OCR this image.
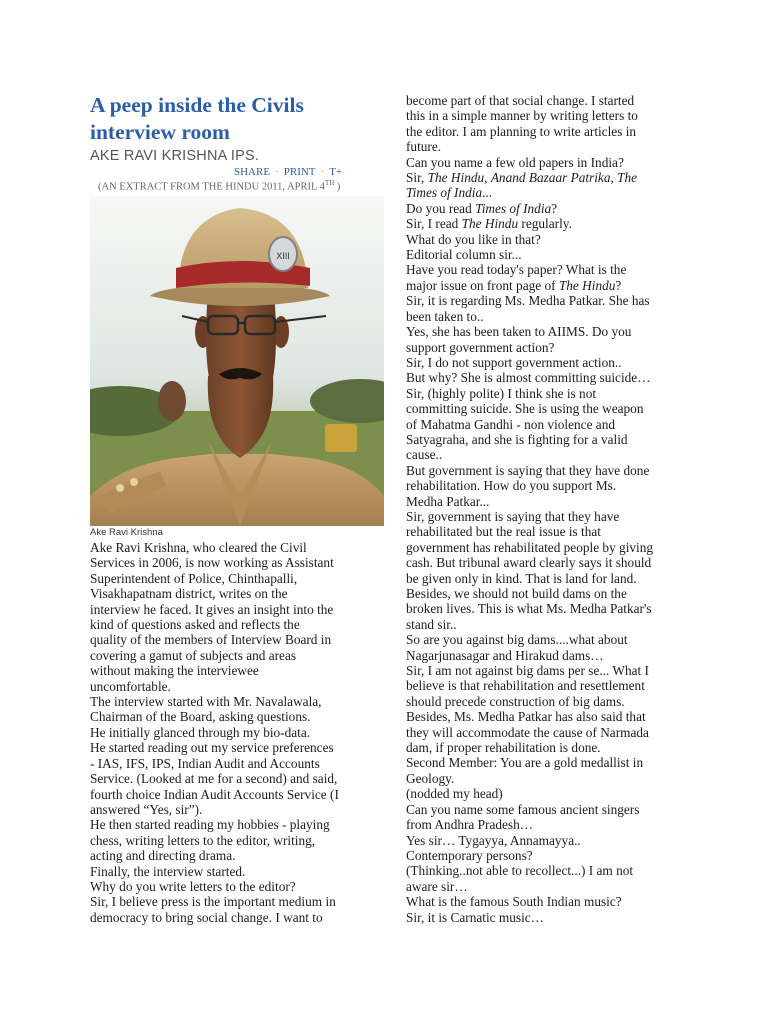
A peep inside the Civils interview room
AKE RAVI KRISHNA IPS.
SHARE · PRINT · T+
(AN EXTRACT FROM THE HINDU 2011, APRIL 4TH )
XIII
Ake Ravi Krishna
Ake Ravi Krishna, who cleared the Civil
Services in 2006, is now working as Assistant
Superintendent of Police, Chinthapalli,
Visakhapatnam district, writes on the
interview he faced. It gives an insight into the
kind of questions asked and reflects the
quality of the members of Interview Board in
covering a gamut of subjects and areas
without making the interviewee
uncomfortable.
The interview started with Mr. Navalawala,
Chairman of the Board, asking questions.
He initially glanced through my bio-data.
He started reading out my service preferences
- IAS, IFS, IPS, Indian Audit and Accounts
Service. (Looked at me for a second) and said,
fourth choice Indian Audit Accounts Service (I
answered “Yes, sir”).
He then started reading my hobbies - playing
chess, writing letters to the editor, writing,
acting and directing drama.
Finally, the interview started.
Why do you write letters to the editor?
Sir, I believe press is the important medium in
democracy to bring social change. I want to
become part of that social change. I started
this in a simple manner by writing letters to
the editor. I am planning to write articles in
future.
Can you name a few old papers in India?
Sir, The Hindu, Anand Bazaar Patrika, The
Times of India...
Do you read Times of India?
Sir, I read The Hindu regularly.
What do you like in that?
Editorial column sir...
Have you read today's paper? What is the
major issue on front page of The Hindu?
Sir, it is regarding Ms. Medha Patkar. She has
been taken to..
Yes, she has been taken to AIIMS. Do you
support government action?
Sir, I do not support government action..
But why? She is almost committing suicide…
Sir, (highly polite) I think she is not
committing suicide. She is using the weapon
of Mahatma Gandhi - non violence and
Satyagraha, and she is fighting for a valid
cause..
But government is saying that they have done
rehabilitation. How do you support Ms.
Medha Patkar...
Sir, government is saying that they have
rehabilitated but the real issue is that
government has rehabilitated people by giving
cash. But tribunal award clearly says it should
be given only in kind. That is land for land.
Besides, we should not build dams on the
broken lives. This is what Ms. Medha Patkar's
stand sir..
So are you against big dams....what about
Nagarjunasagar and Hirakud dams…
Sir, I am not against big dams per se... What I
believe is that rehabilitation and resettlement
should precede construction of big dams.
Besides, Ms. Medha Patkar has also said that
they will accommodate the cause of Narmada
dam, if proper rehabilitation is done.
Second Member: You are a gold medallist in
Geology.
(nodded my head)
Can you name some famous ancient singers
from Andhra Pradesh…
Yes sir… Tygayya, Annamayya..
Contemporary persons?
(Thinking..not able to recollect...) I am not
aware sir…
What is the famous South Indian music?
Sir, it is Carnatic music…
